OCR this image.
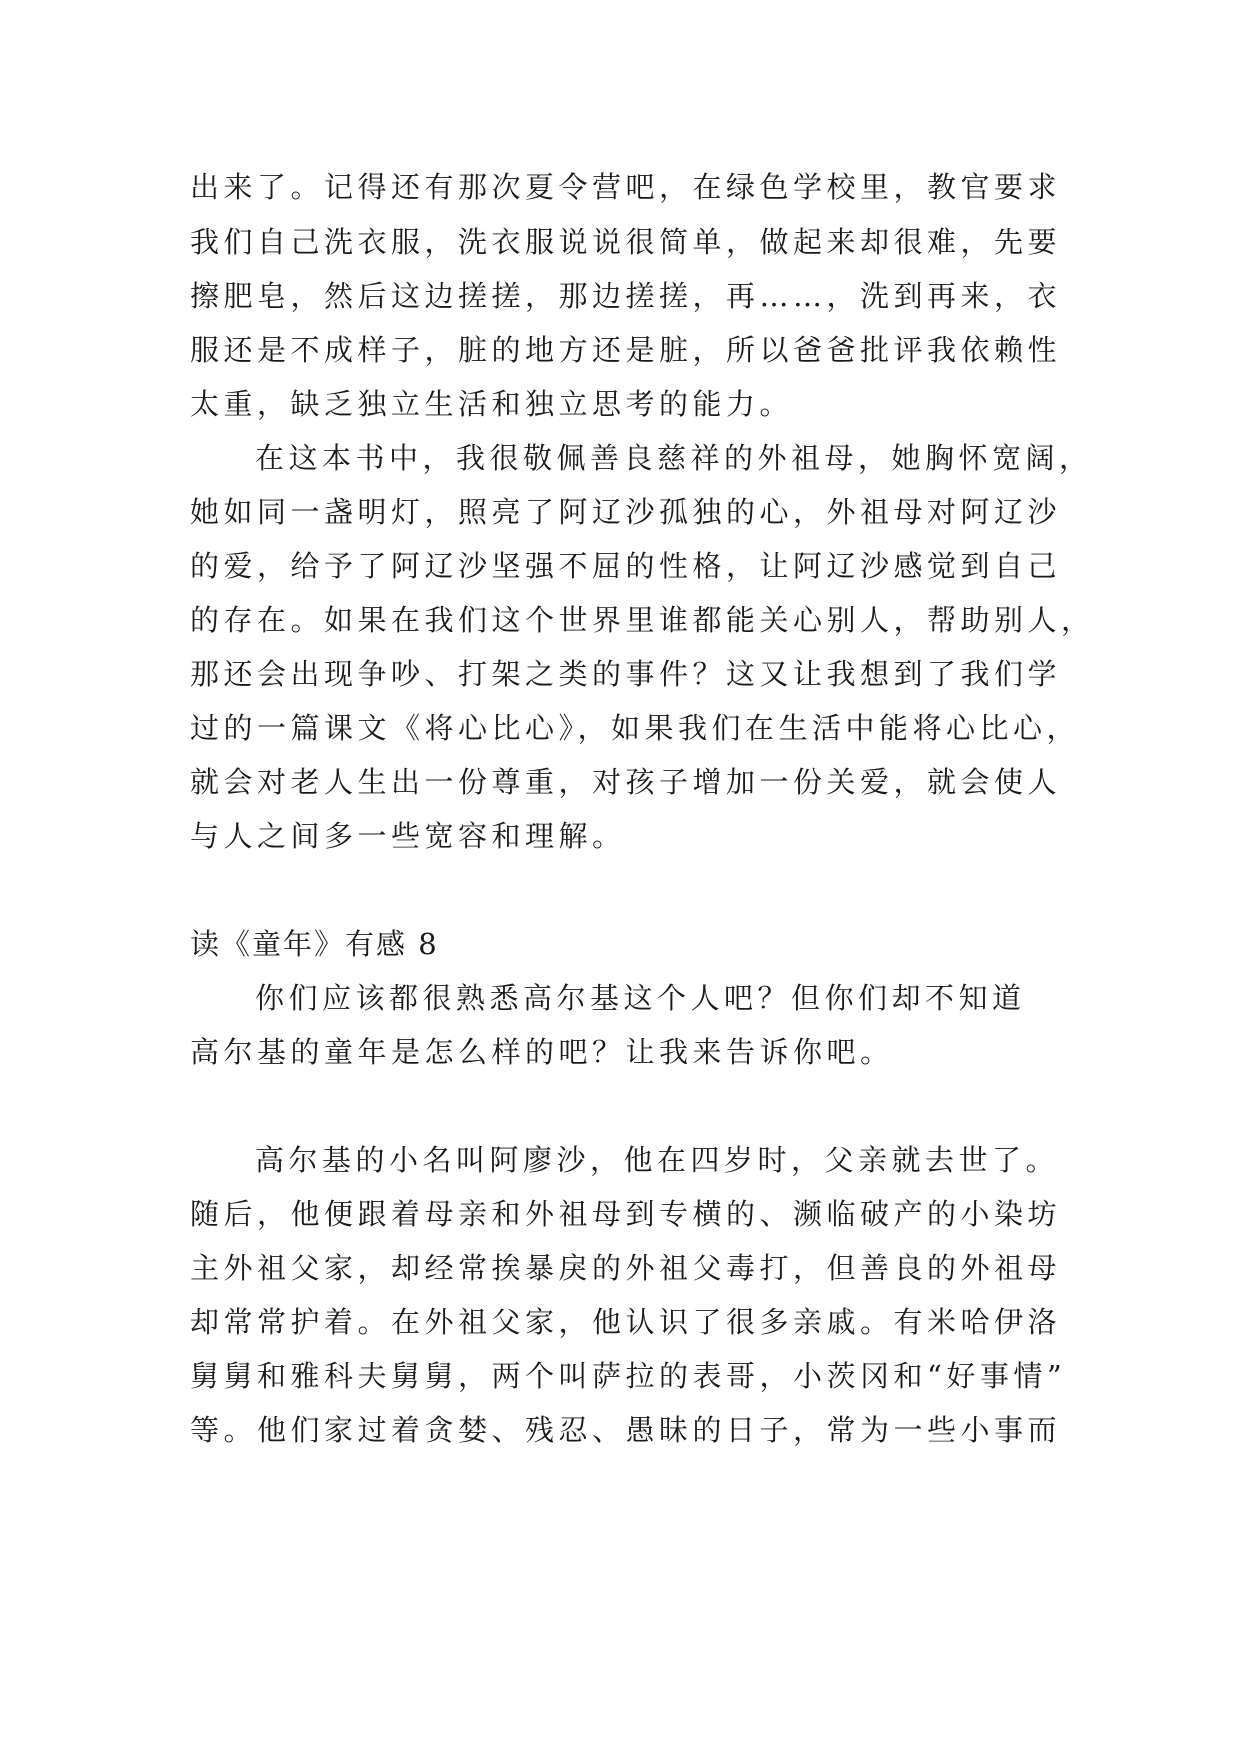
出来了。记得还有那次夏令营吧，在绿色学校里，教官要求
我们自己洗衣服，洗衣服说说很简单，做起来却很难，先要
擦肥皂，然后这边搓搓，那边搓搓，再……，洗到再来，衣
服还是不成样子，脏的地方还是脏，所以爸爸批评我依赖性
太重，缺乏独立生活和独立思考的能力。
在这本书中，我很敬佩善良慈祥的外祖母，她胸怀宽阔，
她如同一盏明灯，照亮了阿辽沙孤独的心，外祖母对阿辽沙
的爱，给予了阿辽沙坚强不屈的性格，让阿辽沙感觉到自己
的存在。如果在我们这个世界里谁都能关心别人，帮助别人，
那还会出现争吵、打架之类的事件？这又让我想到了我们学
过的一篇课文《将心比心》，如果我们在生活中能将心比心，
就会对老人生出一份尊重，对孩子增加一份关爱，就会使人
与人之间多一些宽容和理解。
读《童年》有感 8
你们应该都很熟悉高尔基这个人吧？但你们却不知道
高尔基的童年是怎么样的吧？让我来告诉你吧。
高尔基的小名叫阿廖沙，他在四岁时，父亲就去世了。
随后，他便跟着母亲和外祖母到专横的、濒临破产的小染坊
主外祖父家，却经常挨暴戾的外祖父毒打，但善良的外祖母
却常常护着。在外祖父家，他认识了很多亲戚。有米哈伊洛
舅舅和雅科夫舅舅，两个叫萨拉的表哥，小茨冈和“好事情”
等。他们家过着贪婪、残忍、愚昧的日子，常为一些小事而
